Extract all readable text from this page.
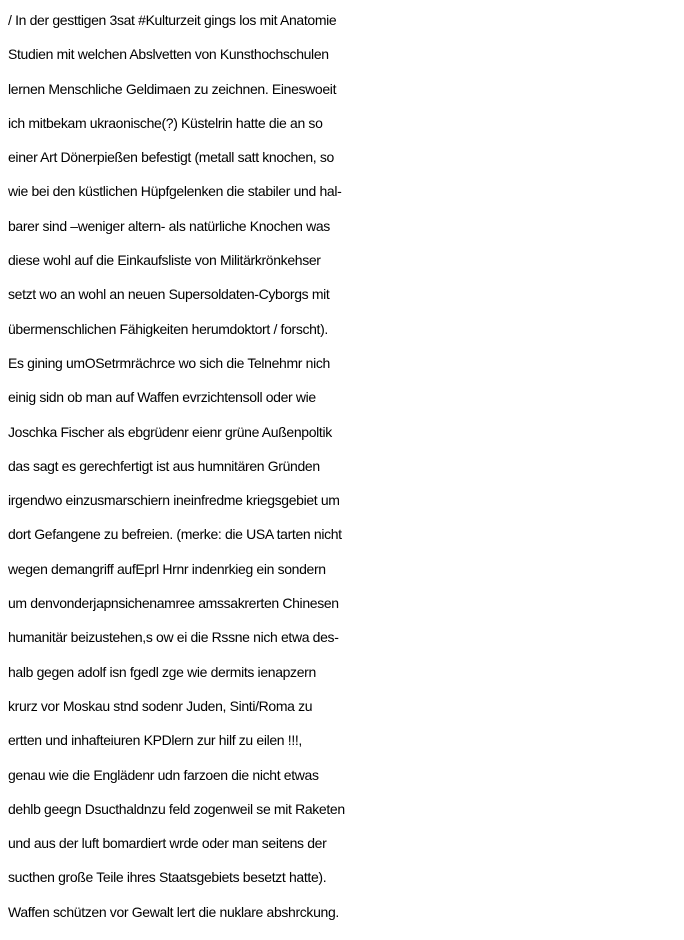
/ In der gesttigen 3sat #Kulturzeit gings los mit Anatomie
Studien mit welchen Abslvetten von Kunsthochschulen
lernen Menschliche Geldimaen zu zeichnen. Eineswoeit
ich mitbekam ukraonische(?) Küstelrin hatte die an so
einer Art Dönerpießen befestigt (metall satt knochen, so
wie bei den küstlichen Hüpfgelenken die stabiler und hal-
barer sind –weniger altern- als natürliche Knochen was
diese wohl auf die Einkaufsliste von Militärkrönkehser
setzt wo an wohl an neuen Supersoldaten-Cyborgs mit
übermenschlichen Fähigkeiten herumdoktort / forscht).
Es gining umOSetrmrächrce wo sich die Telnehmr nich
einig sidn ob man auf Waffen evrzichtensoll oder wie
Joschka Fischer als ebgrüdenr eienr grüne Außenpoltik
das sagt es gerechfertigt ist aus humnitären Gründen
irgendwo einzusmarschiern ineinfredme kriegsgebiet um
dort Gefangene zu befreien. (merke: die USA tarten nicht
wegen demangriff aufEprl Hrnr indenrkieg ein sondern
um denvonderjapnsichenamree amssakrerten Chinesen
humanitär beizustehen,s ow ei die Rssne nich etwa des-
halb gegen adolf isn fgedl zge wie dermits ienapzern
krurz vor Moskau stnd sodenr Juden, Sinti/Roma zu
ertten und inhafteiuren KPDlern zur hilf zu eilen !!!,
genau wie die Englädenr udn farzoen die nicht etwas
dehlb geegn Dsucthaldnzu feld zogenweil se mit Raketen
und aus der luft bomardiert wrde oder man seitens der
sucthen große Teile ihres Staatsgebiets besetzt hatte).
Waffen schützen vor Gewalt lert die nuklare abshrckung.
